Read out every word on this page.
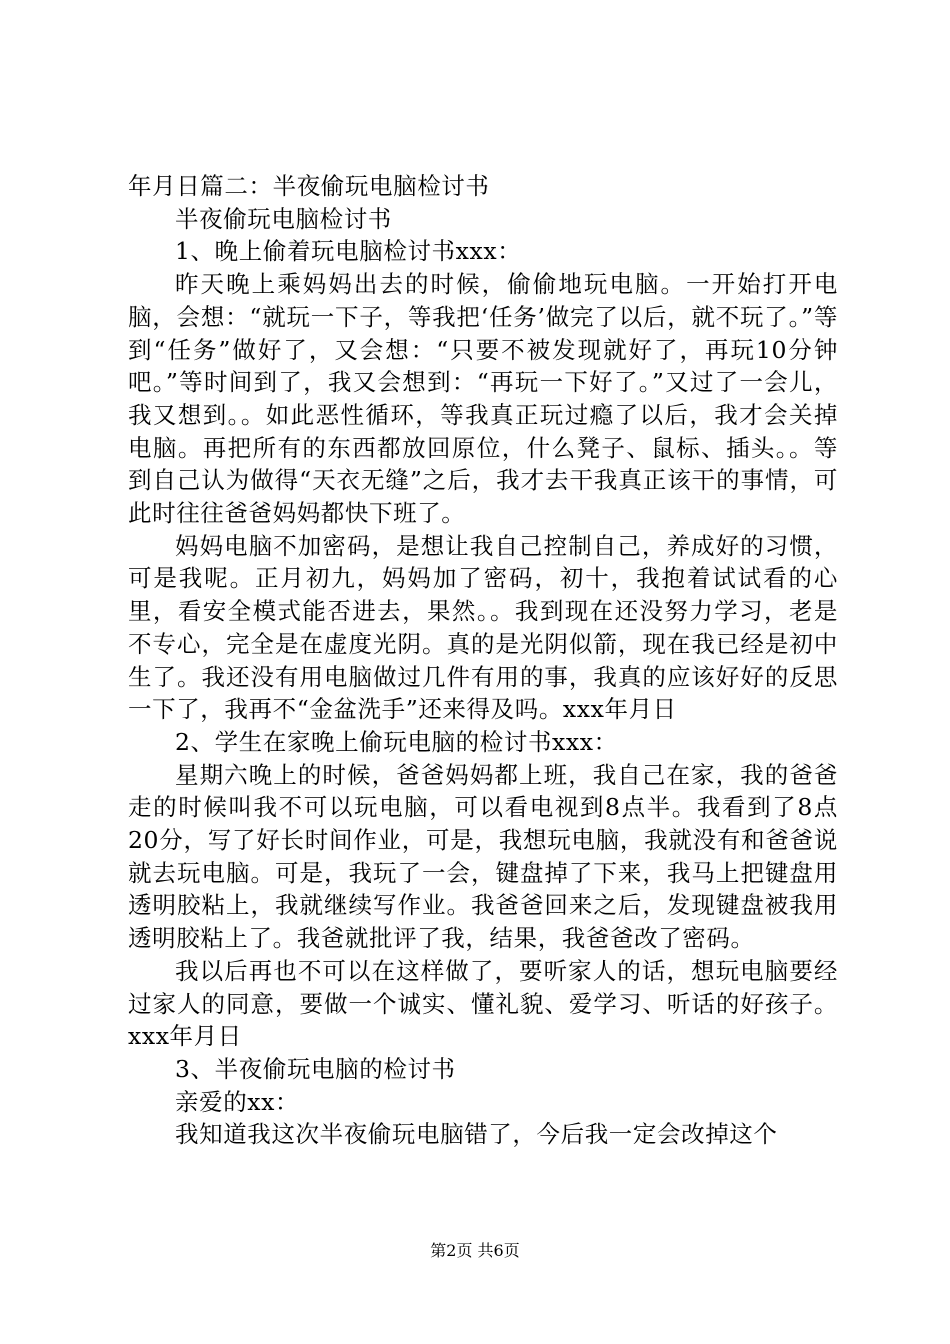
年月日篇二：半夜偷玩电脑检讨书

半夜偷玩电脑检讨书

1、晚上偷着玩电脑检讨书xxx：

昨天晚上乘妈妈出去的时候，偷偷地玩电脑。一开始打开电脑，会想：“就玩一下子，等我把‘任务’做完了以后，就不玩了。”等到“任务”做好了，又会想：“只要不被发现就好了，再玩10分钟吧。”等时间到了，我又会想到：“再玩一下好了。”又过了一会儿，我又想到。。如此恶性循环，等我真正玩过瘾了以后，我才会关掉电脑。再把所有的东西都放回原位，什么凳子、鼠标、插头。。等到自己认为做得“天衣无缝”之后，我才去干我真正该干的事情，可此时往往爸爸妈妈都快下班了。

妈妈电脑不加密码，是想让我自己控制自己，养成好的习惯，可是我呢。正月初九，妈妈加了密码，初十，我抱着试试看的心里，看安全模式能否进去，果然。。我到现在还没努力学习，老是不专心，完全是在虚度光阴。真的是光阴似箭，现在我已经是初中生了。我还没有用电脑做过几件有用的事，我真的应该好好的反思一下了，我再不“金盆洗手”还来得及吗。xxx年月日

2、学生在家晚上偷玩电脑的检讨书xxx：

星期六晚上的时候，爸爸妈妈都上班，我自己在家，我的爸爸走的时候叫我不可以玩电脑，可以看电视到8点半。我看到了8点20分，写了好长时间作业，可是，我想玩电脑，我就没有和爸爸说就去玩电脑。可是，我玩了一会，键盘掉了下来，我马上把键盘用透明胶粘上，我就继续写作业。我爸爸回来之后，发现键盘被我用透明胶粘上了。我爸就批评了我，结果，我爸爸改了密码。

我以后再也不可以在这样做了，要听家人的话，想玩电脑要经过家人的同意，要做一个诚实、懂礼貌、爱学习、听话的好孩子。xxx年月日

3、半夜偷玩电脑的检讨书

亲爱的xx：

我知道我这次半夜偷玩电脑错了，今后我一定会改掉这个

第2页 共6页
